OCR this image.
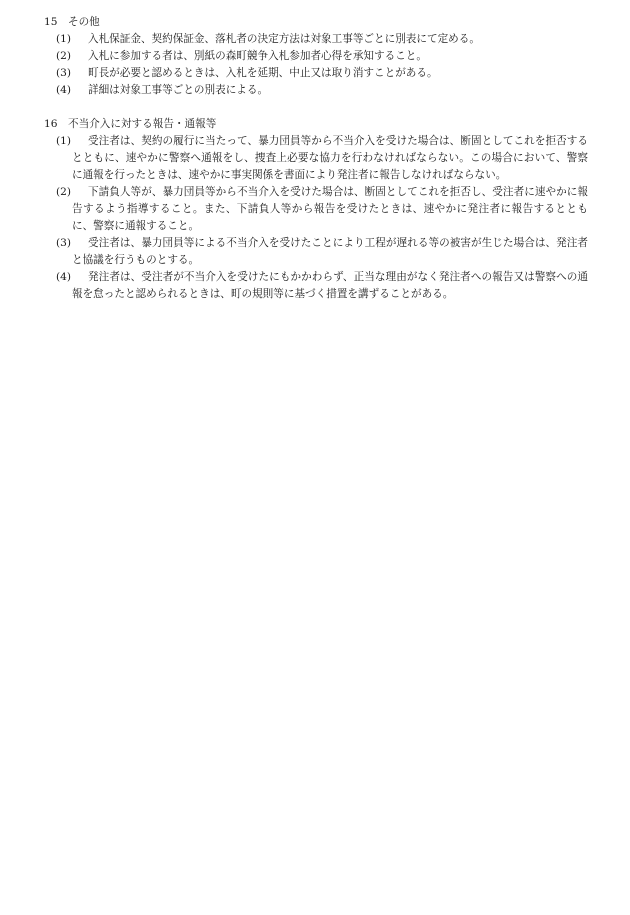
15 その他
(1) 入札保証金、契約保証金、落札者の決定方法は対象工事等ごとに別表にて定める。
(2) 入札に参加する者は、別紙の森町競争入札参加者心得を承知すること。
(3) 町長が必要と認めるときは、入札を延期、中止又は取り消すことがある。
(4) 詳細は対象工事等ごとの別表による。
16 不当介入に対する報告・通報等
(1) 受注者は、契約の履行に当たって、暴力団員等から不当介入を受けた場合は、断固としてこれを拒否するとともに、速やかに警察へ通報をし、捜査上必要な協力を行わなければならない。この場合において、警察に通報を行ったときは、速やかに事実関係を書面により発注者に報告しなければならない。
(2) 下請負人等が、暴力団員等から不当介入を受けた場合は、断固としてこれを拒否し、受注者に速やかに報告するよう指導すること。また、下請負人等から報告を受けたときは、速やかに発注者に報告するとともに、警察に通報すること。
(3) 受注者は、暴力団員等による不当介入を受けたことにより工程が遅れる等の被害が生じた場合は、発注者と協議を行うものとする。
(4) 発注者は、受注者が不当介入を受けたにもかかわらず、正当な理由がなく発注者への報告又は警察への通報を怠ったと認められるときは、町の規則等に基づく措置を講ずることがある。
